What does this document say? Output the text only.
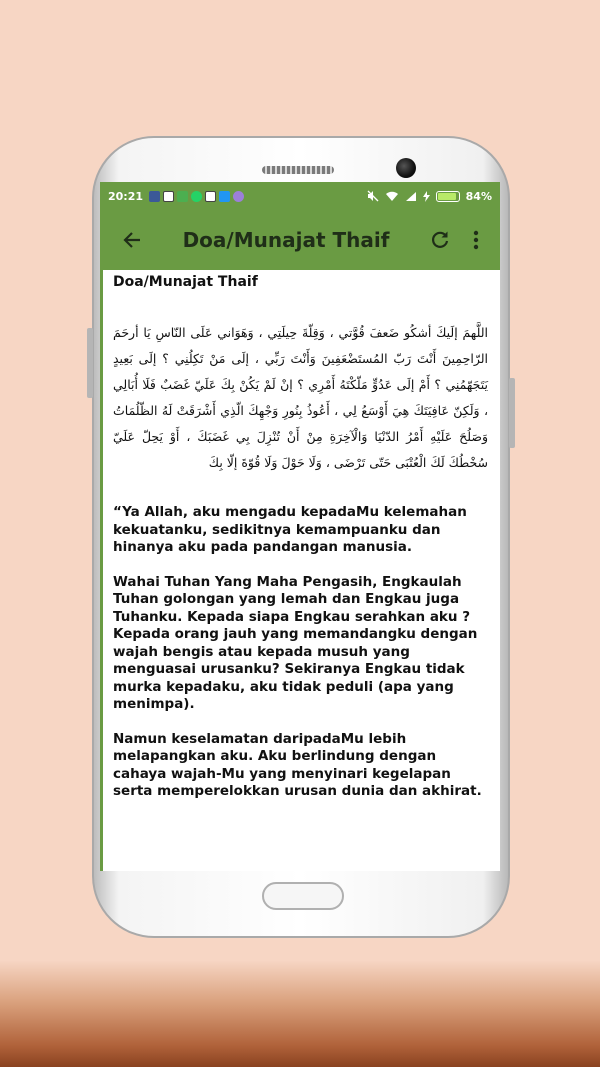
20:21	84%
Doa/Munajat Thaif
Doa/Munajat Thaif
اللَّهمَ إلَيكَ أشكُو ضَعفَ قُوَّتي ، وَقِلّةَ حِيلَتِي ، وَهَوَاني عَلَى النّاسِ يَا أرحَمَ الرّاحِمِينَ أَنْتَ رَبّ المُستَضْعَفِينَ وَأَنْتَ رَبِّي ، إلَى مَنْ تَكِلُنِي ؟ إلَى بَعِيدٍ يَتَجَهّمُنِي ؟ أَمْ إلَى عَدُوٍّ مَلّكْتَهُ أَمْرِي ؟ إنْ لَمْ يَكُنْ بِكَ عَلَيّ غَضَبٌ فَلَا أُبَالِي ، وَلَكِنّ عَافِيَتَكَ هِيَ أَوْسَعُ لِي ، أَعُوذُ بِنُورِ وَجْهِكَ الّذِي أَشْرَقَتْ لَهُ الظّلُمَاتُ وَصَلُحَ عَلَيْهِ أَمْرُ الدّنْيَا وَالْآخِرَةِ مِنْ أَنْ تُنْزِلَ بِي غَضَبَكَ ، أَوْ يَحِلّ عَلَيّ سُخْطُكَ لَكَ الْعُتْبَى حَتّى تَرْضَى ، وَلَا حَوْلَ وَلَا قُوّةَ إلّا بِكَ

“Ya Allah, aku mengadu kepadaMu kelemahan kekuatanku, sedikitnya kemampuanku dan hinanya aku pada pandangan manusia.

Wahai Tuhan Yang Maha Pengasih, Engkaulah Tuhan golongan yang lemah dan Engkau juga Tuhanku. Kepada siapa Engkau serahkan aku ? Kepada orang jauh yang memandangku dengan wajah bengis atau kepada musuh yang menguasai urusanku? Sekiranya Engkau tidak murka kepadaku, aku tidak peduli (apa yang menimpa).

Namun keselamatan daripadaMu lebih melapangkan aku. Aku berlindung dengan cahaya wajah-Mu yang menyinari kegelapan serta memperelokkan urusan dunia dan akhirat.
